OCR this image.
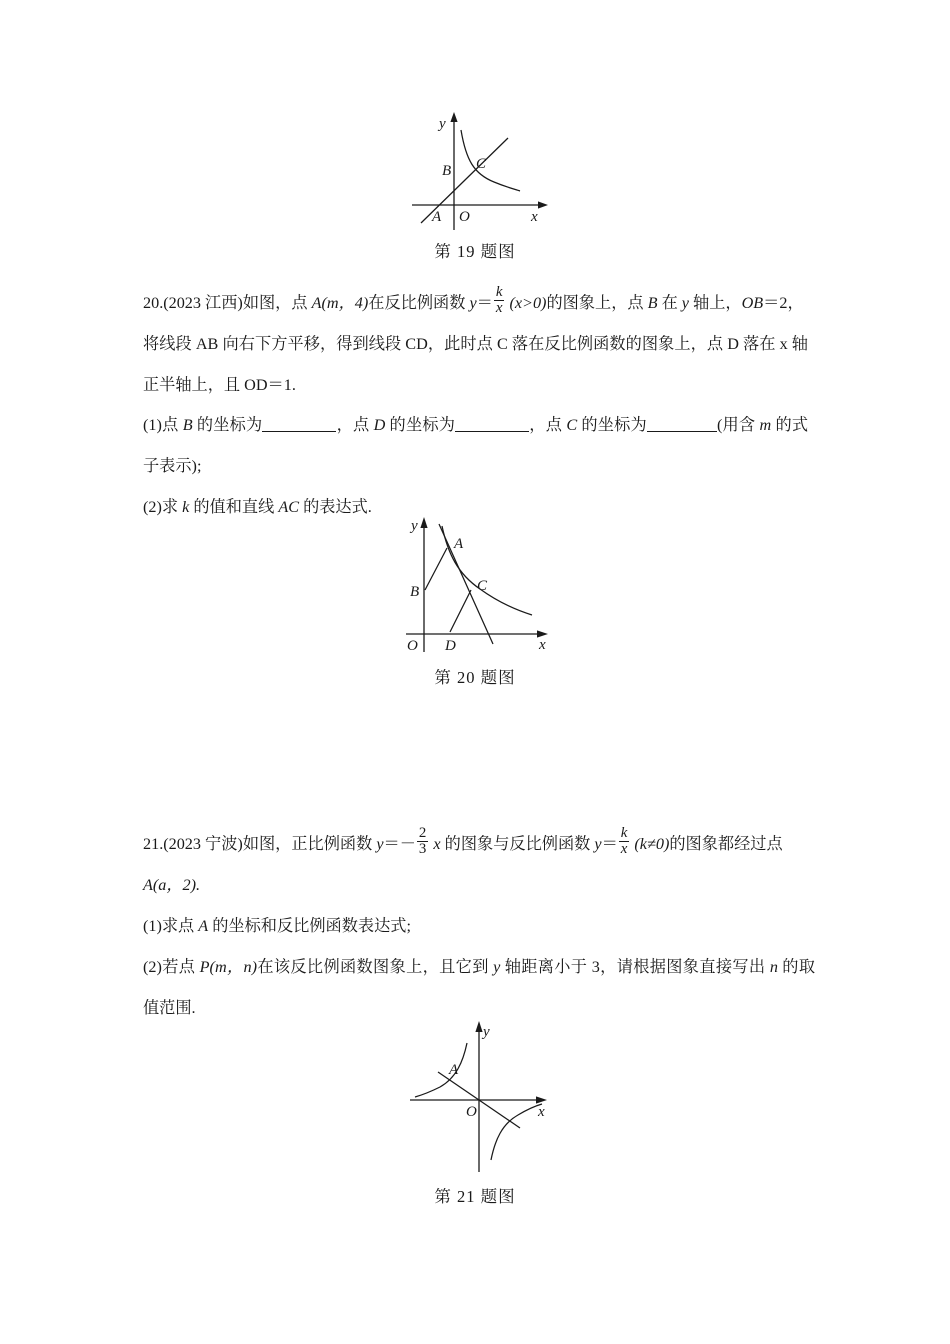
B C
A O	x
y
第 19 题图

20.(2023 江西)如图，点 A(m，4)在反比例函数 $y= \frac{k}{x} (x>0)$的图象上，点 B 在 y 轴上，OB＝2，

将线段 AB 向右下方平移，得到线段 CD，此时点 C 落在反比例函数的图象上，点 D 落在 x 轴正半轴上，且 OD＝1.

(1)点 B 的坐标为	，点 D 的坐标为	，点 C 的坐标为	(用含 m 的式子表示);

(2)求 k 的值和直线 AC 的表达式.

A
B	C
D
O	x
y
第 20 题图

21.(2023 宁波)如图，正比例函数 $y=- \frac{2}{3}$ x 的图象与反比例函数 $y= \frac{k}{x} (k\ne 0)$的图象都经过点

A(a，2).

(1)求点 A 的坐标和反比例函数表达式;

(2)若点 P(m，n)在该反比例函数图象上，且它到 y 轴距离小于 3，请根据图象直接写出 n 的取值范围.

A
O	x
y
第 21 题图
